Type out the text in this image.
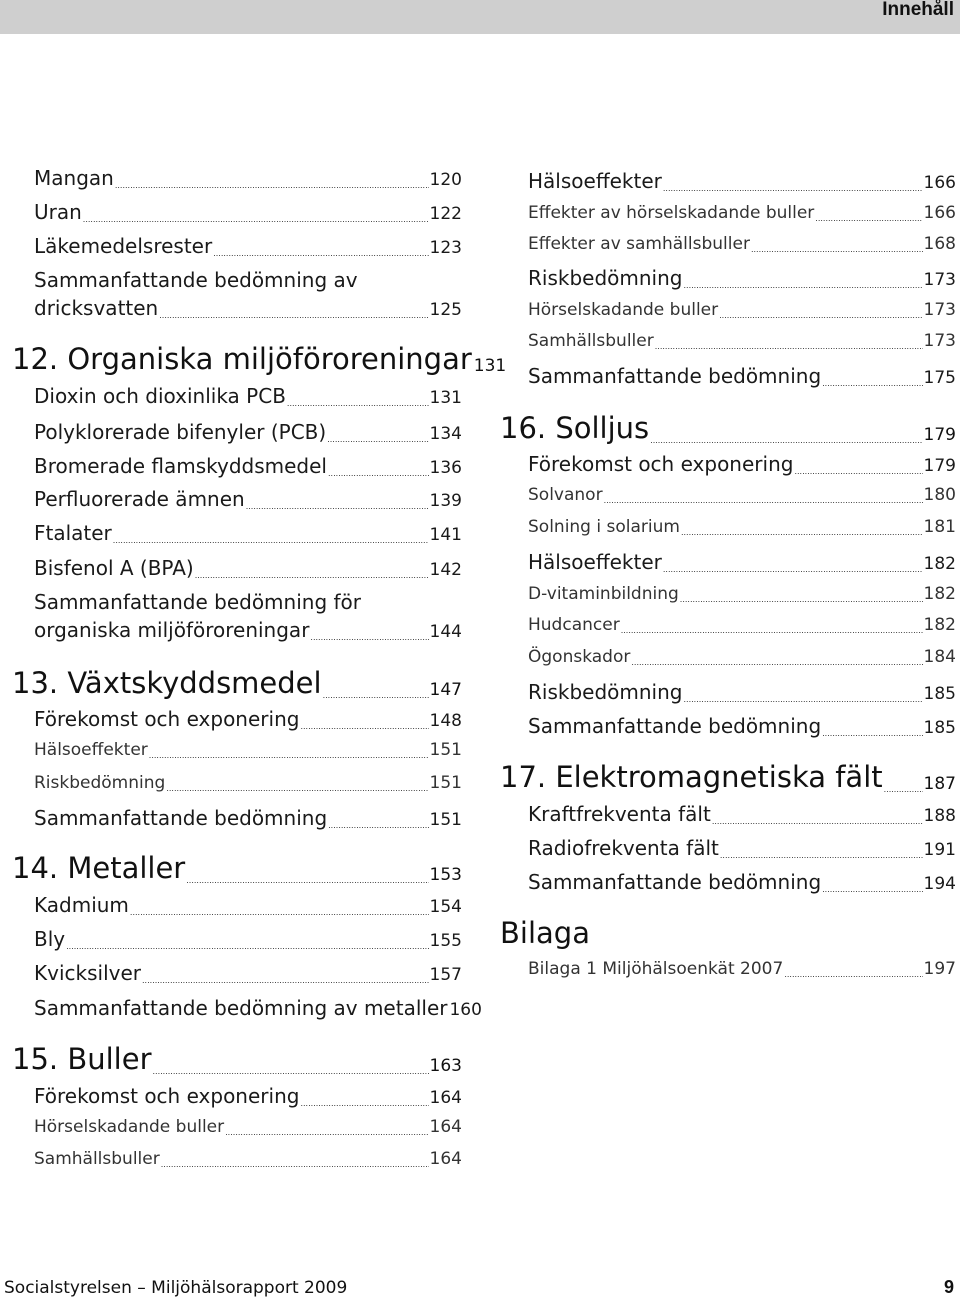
Innehåll
Mangan .....	120
Uran .....	122
Läkemedelsrester .....	123
Sammanfattande bedömning av
dricksvatten .....	125
12. Organiska miljöföroreningar 131
Dioxin och dioxinlika PCB .....	131
Polyklorerade bifenyler (PCB) .....	134
Bromerade flamskyddsmedel .....	136
Perfluorerade ämnen .....	139
Ftalater .....	141
Bisfenol A (BPA) .....	142
Sammanfattande bedömning för
organiska miljöföroreningar .....	144
13. Växtskyddsmedel .....	147
Förekomst och exponering .....	148
Hälsoeffekter .....	151
Riskbedömning .....	151
Sammanfattande bedömning .....	151
14. Metaller .....	153
Kadmium .....	154
Bly .....	155
Kvicksilver .....	157
Sammanfattande bedömning av metaller 160
15. Buller .....	163
Förekomst och exponering .....	164
Hörselskadande buller .....	164
Samhällsbuller .....	164
Hälsoeffekter .....	166
Effekter av hörselskadande buller .....	166
Effekter av samhällsbuller .....	168
Riskbedömning .....	173
Hörselskadande buller .....	173
Samhällsbuller .....	173
Sammanfattande bedömning .....	175
16. Solljus .....	179
Förekomst och exponering .....	179
Solvanor .....	180
Solning i solarium .....	181
Hälsoeffekter .....	182
D-vitaminbildning .....	182
Hudcancer .....	182
Ögonskador .....	184
Riskbedömning .....	185
Sammanfattande bedömning .....	185
17. Elektromagnetiska fält ..... 187
Kraftfrekventa fält .....	188
Radiofrekventa fält .....	191
Sammanfattande bedömning .....	194
Bilaga
Bilaga 1 Miljöhälsoenkät 2007 .....	197
Socialstyrelsen – Miljöhälsorapport 2009	9
